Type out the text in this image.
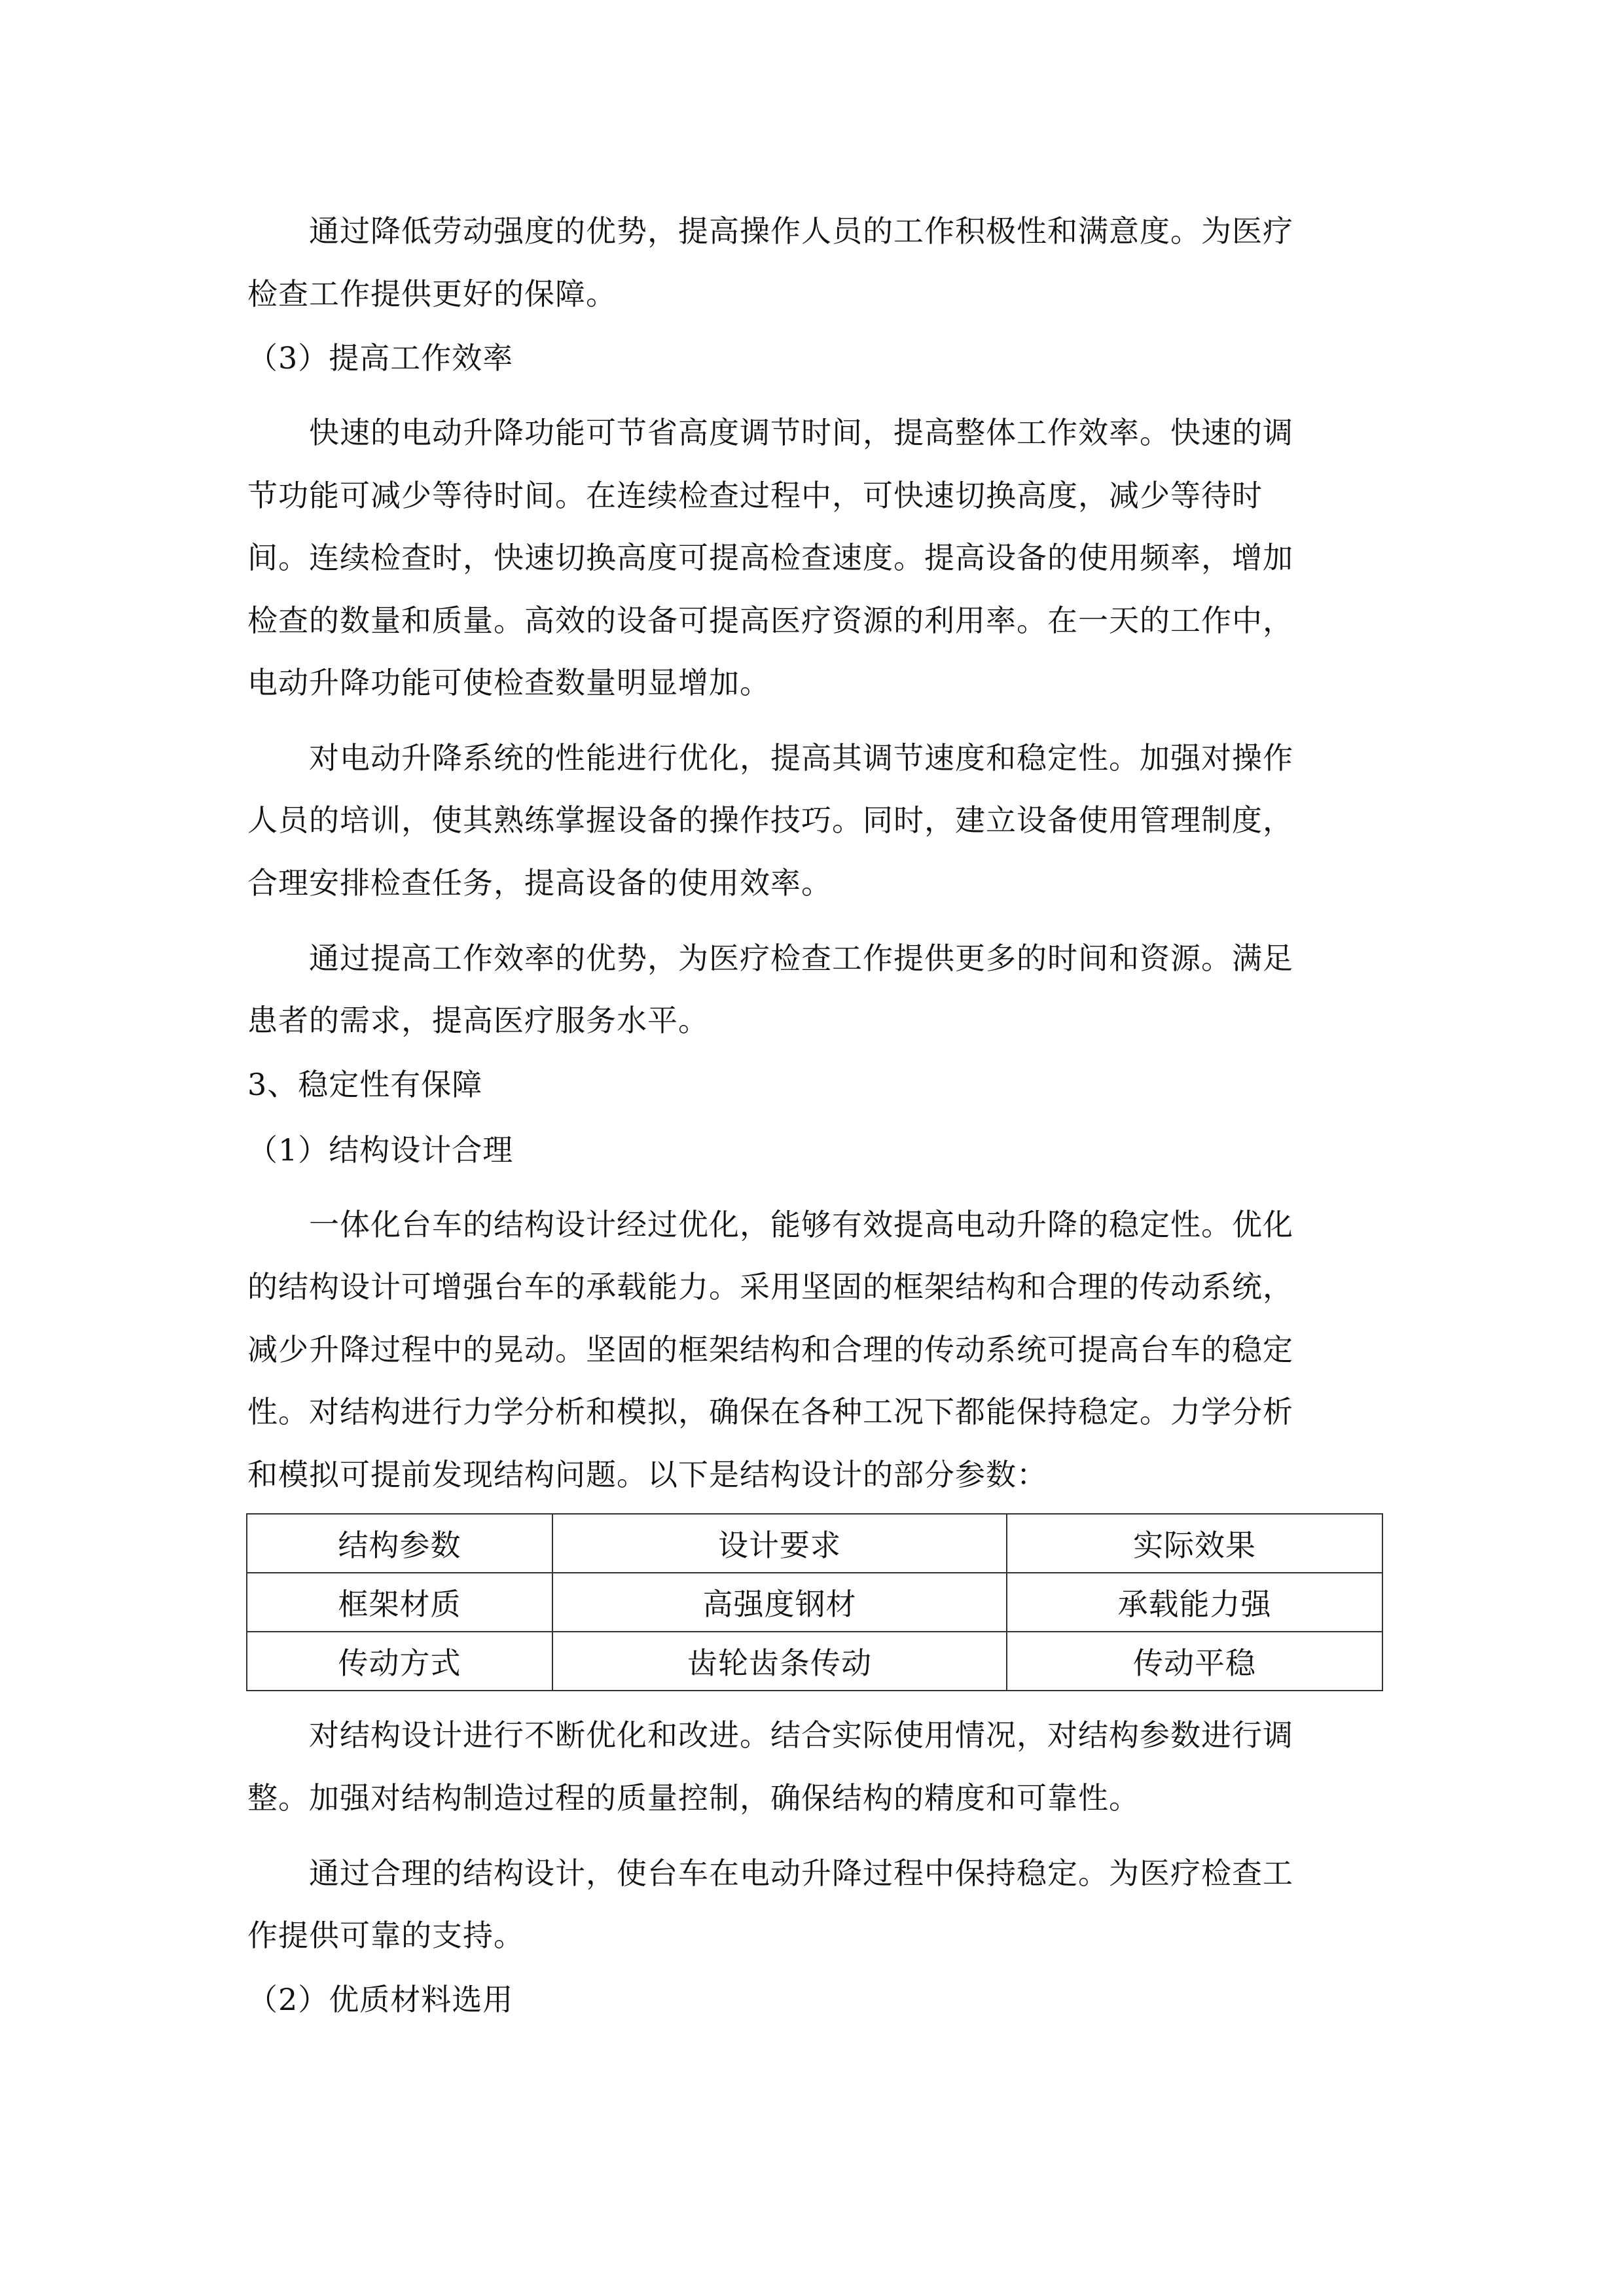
通过降低劳动强度的优势，提高操作人员的工作积极性和满意度。为医疗
检查工作提供更好的保障。
（3）提高工作效率
快速的电动升降功能可节省高度调节时间，提高整体工作效率。快速的调
节功能可减少等待时间。在连续检查过程中，可快速切换高度，减少等待时
间。连续检查时，快速切换高度可提高检查速度。提高设备的使用频率，增加
检查的数量和质量。高效的设备可提高医疗资源的利用率。在一天的工作中，
电动升降功能可使检查数量明显增加。
对电动升降系统的性能进行优化，提高其调节速度和稳定性。加强对操作
人员的培训，使其熟练掌握设备的操作技巧。同时，建立设备使用管理制度，
合理安排检查任务，提高设备的使用效率。
通过提高工作效率的优势，为医疗检查工作提供更多的时间和资源。满足
患者的需求，提高医疗服务水平。
3、稳定性有保障
（1）结构设计合理
一体化台车的结构设计经过优化，能够有效提高电动升降的稳定性。优化
的结构设计可增强台车的承载能力。采用坚固的框架结构和合理的传动系统，
减少升降过程中的晃动。坚固的框架结构和合理的传动系统可提高台车的稳定
性。对结构进行力学分析和模拟，确保在各种工况下都能保持稳定。力学分析
和模拟可提前发现结构问题。以下是结构设计的部分参数：
结构参数	设计要求	实际效果
框架材质	高强度钢材	承载能力强
传动方式	齿轮齿条传动	传动平稳
对结构设计进行不断优化和改进。结合实际使用情况，对结构参数进行调
整。加强对结构制造过程的质量控制，确保结构的精度和可靠性。
通过合理的结构设计，使台车在电动升降过程中保持稳定。为医疗检查工
作提供可靠的支持。
（2）优质材料选用
